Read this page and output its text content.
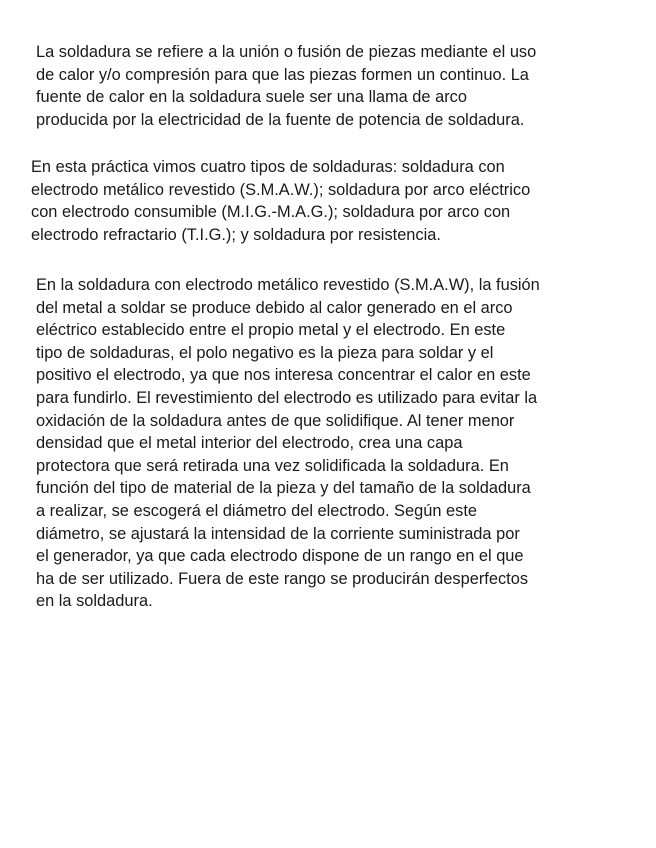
La soldadura se refiere a la unión o fusión de piezas mediante el uso
de calor y/o compresión para que las piezas formen un continuo. La
fuente de calor en la soldadura suele ser una llama de arco
producida por la electricidad de la fuente de potencia de soldadura.

En esta práctica vimos cuatro tipos de soldaduras: soldadura con
electrodo metálico revestido (S.M.A.W.); soldadura por arco eléctrico
con electrodo consumible (M.I.G.-M.A.G.); soldadura por arco con
electrodo refractario (T.I.G.); y soldadura por resistencia.

En la soldadura con electrodo metálico revestido (S.M.A.W), la fusión
del metal a soldar se produce debido al calor generado en el arco
eléctrico establecido entre el propio metal y el electrodo. En este
tipo de soldaduras, el polo negativo es la pieza para soldar y el
positivo el electrodo, ya que nos interesa concentrar el calor en este
para fundirlo. El revestimiento del electrodo es utilizado para evitar la
oxidación de la soldadura antes de que solidifique. Al tener menor
densidad que el metal interior del electrodo, crea una capa
protectora que será retirada una vez solidificada la soldadura. En
función del tipo de material de la pieza y del tamaño de la soldadura
a realizar, se escogerá el diámetro del electrodo. Según este
diámetro, se ajustará la intensidad de la corriente suministrada por
el generador, ya que cada electrodo dispone de un rango en el que
ha de ser utilizado. Fuera de este rango se producirán desperfectos
en la soldadura.
